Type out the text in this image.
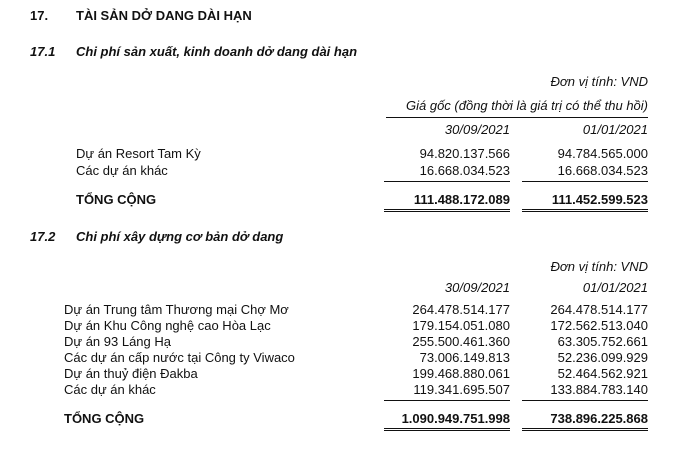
17. TÀI SẢN DỞ DANG DÀI HẠN
17.1 Chi phí sản xuất, kinh doanh dở dang dài hạn
Đơn vị tính: VND
Giá gốc (đồng thời là giá trị có thể thu hồi)
30/09/2021	01/01/2021
Dự án Resort Tam Kỳ	94.820.137.566	94.784.565.000
Các dự án khác	16.668.034.523	16.668.034.523
TỔNG CỘNG	111.488.172.089	111.452.599.523
17.2 Chi phí xây dựng cơ bản dở dang
Đơn vị tính: VND
30/09/2021	01/01/2021
Dự án Trung tâm Thương mại Chợ Mơ	264.478.514.177	264.478.514.177
Dự án Khu Công nghệ cao Hòa Lạc	179.154.051.080	172.562.513.040
Dự án 93 Láng Hạ	255.500.461.360	63.305.752.661
Các dự án cấp nước tại Công ty Viwaco	73.006.149.813	52.236.099.929
Dự án thuỷ điện Đakba	199.468.880.061	52.464.562.921
Các dự án khác	119.341.695.507	133.884.783.140
TỔNG CỘNG	1.090.949.751.998	738.896.225.868
